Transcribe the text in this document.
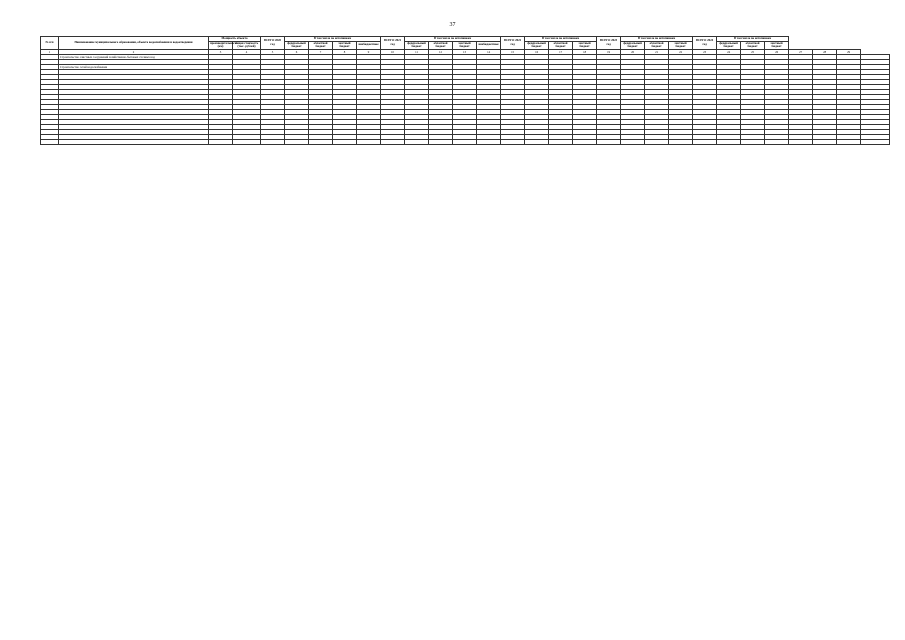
37
№ п/п	Наименование муниципального образования, объекта водоснабжения и водоотведения	Мощность объекта		ВСЕГО 2020 год	В том числе по источникам				ВСЕГО 2021 год	В том числе по источникам				ВСЕГО 2022 год	В том числе по источникам			ВСЕГО 2023 год	В том числе по источникам			ВСЕГО 2024 год	В том числе по источникам						
		производительность (км)	общая стоимость (тыс. рублей)		федеральный бюджет	областной бюджет	местный бюджет	внебюджетные		федеральный бюджет	областной бюджет	местный бюджет	внебюджетные		федеральный бюджет	областной бюджет	местный бюджет		федеральный бюджет	областной бюджет	местный бюджет		федеральный бюджет	областной бюджет	местный бюджет				

1	2	3	4	5	6	7	8	9	10	11	12	13	14	15	16	17	18	19	20	21	22	23	24	25	26	27	28	29	
	Строительство очистных сооружений хозяйственно-бытовых сточных вод																												

	Строительство сетей водоснабжения																												
